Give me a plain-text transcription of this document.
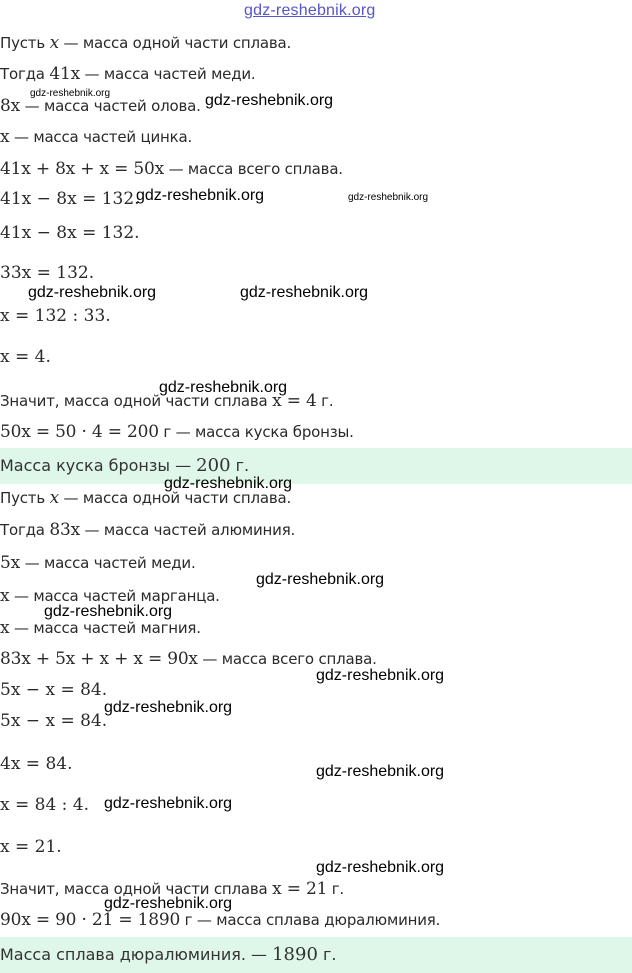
gdz-reshebnik.org
Пусть x — масса одной части сплава.
Тогда 41x — масса частей меди.
8x — масса частей олова.
x — масса частей цинка.
41x + 8x + x = 50x — масса всего сплава.
41x − 8x = 132.
41x − 8x = 132.
33x = 132.
x = 132 : 33.
x = 4.
Значит, масса одной части сплава x = 4 г.
50x = 50 · 4 = 200 г — масса куска бронзы.
Масса куска бронзы — 200 г.
Пусть x — масса одной части сплава.
Тогда 83x — масса частей алюминия.
5x — масса частей меди.
x — масса частей марганца.
x — масса частей магния.
83x + 5x + x + x = 90x — масса всего сплава.
5x − x = 84.
5x − x = 84.
4x = 84.
x = 84 : 4.
x = 21.
Значит, масса одной части сплава x = 21 г.
90x = 90 · 21 = 1890 г — масса сплава дюралюминия.
Масса сплава дюралюминия. — 1890 г.
gdz-reshebnik.org	gdz-reshebnik.org
gdz-reshebnik.org	gdz-reshebnik.org
gdz-reshebnik.org	gdz-reshebnik.org
gdz-reshebnik.org
gdz-reshebnik.org
gdz-reshebnik.org
gdz-reshebnik.org
gdz-reshebnik.org
gdz-reshebnik.org
gdz-reshebnik.org
gdz-reshebnik.org
gdz-reshebnik.org
gdz-reshebnik.org
